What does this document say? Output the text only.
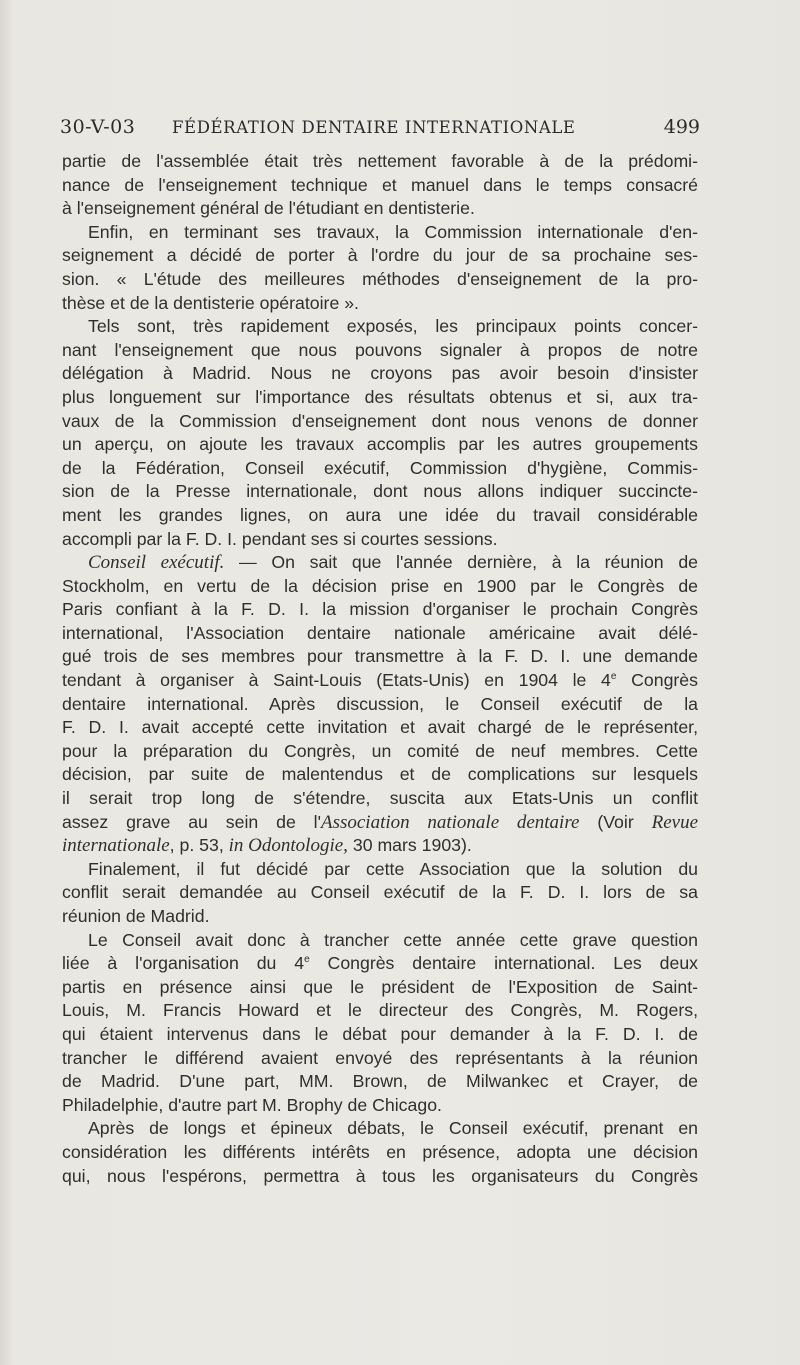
30-V-03 FÉDÉRATION DENTAIRE INTERNATIONALE	499
partie de l'assemblée était très nettement favorable à de la prédomi-
nance de l'enseignement technique et manuel dans le temps consacré
à l'enseignement général de l'étudiant en dentisterie.
Enfin, en terminant ses travaux, la Commission internationale d'en-
seignement a décidé de porter à l'ordre du jour de sa prochaine ses-
sion. « L'étude des meilleures méthodes d'enseignement de la pro-
thèse et de la dentisterie opératoire ».
Tels sont, très rapidement exposés, les principaux points concer-
nant l'enseignement que nous pouvons signaler à propos de notre
délégation à Madrid. Nous ne croyons pas avoir besoin d'insister
plus longuement sur l'importance des résultats obtenus et si, aux tra-
vaux de la Commission d'enseignement dont nous venons de donner
un aperçu, on ajoute les travaux accomplis par les autres groupements
de la Fédération, Conseil exécutif, Commission d'hygiène, Commis-
sion de la Presse internationale, dont nous allons indiquer succincte-
ment les grandes lignes, on aura une idée du travail considérable
accompli par la F. D. I. pendant ses si courtes sessions.
Conseil exécutif. — On sait que l'année dernière, à la réunion de
Stockholm, en vertu de la décision prise en 1900 par le Congrès de
Paris confiant à la F. D. I. la mission d'organiser le prochain Congrès
international, l'Association dentaire nationale américaine avait délé-
gué trois de ses membres pour transmettre à la F. D. I. une demande
tendant à organiser à Saint-Louis (Etats-Unis) en 1904 le 4e Congrès
dentaire international. Après discussion, le Conseil exécutif de la
F. D. I. avait accepté cette invitation et avait chargé de le représenter,
pour la préparation du Congrès, un comité de neuf membres. Cette
décision, par suite de malentendus et de complications sur lesquels
il serait trop long de s'étendre, suscita aux Etats-Unis un conflit
assez grave au sein de l'Association nationale dentaire (Voir Revue
internationale, p. 53, in Odontologie, 30 mars 1903).
Finalement, il fut décidé par cette Association que la solution du
conflit serait demandée au Conseil exécutif de la F. D. I. lors de sa
réunion de Madrid.
Le Conseil avait donc à trancher cette année cette grave question
liée à l'organisation du 4e Congrès dentaire international. Les deux
partis en présence ainsi que le président de l'Exposition de Saint-
Louis, M. Francis Howard et le directeur des Congrès, M. Rogers,
qui étaient intervenus dans le débat pour demander à la F. D. I. de
trancher le différend avaient envoyé des représentants à la réunion
de Madrid. D'une part, MM. Brown, de Milwankec et Crayer, de
Philadelphie, d'autre part M. Brophy de Chicago.
Après de longs et épineux débats, le Conseil exécutif, prenant en
considération les différents intérêts en présence, adopta une décision
qui, nous l'espérons, permettra à tous les organisateurs du Congrès
